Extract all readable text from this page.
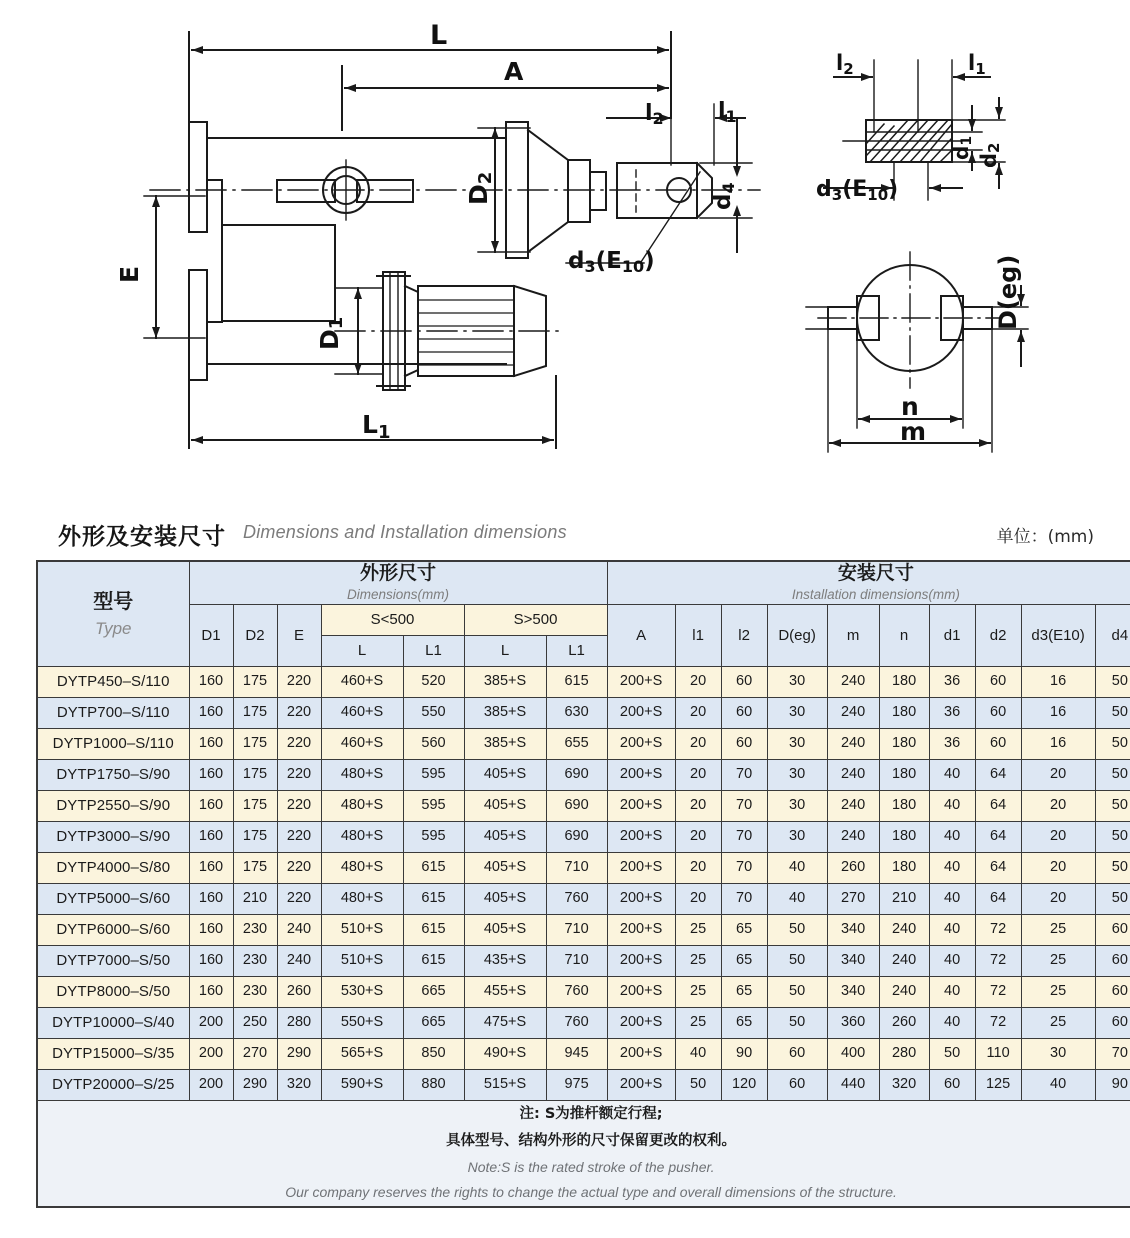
L
A
$L_1$
D1
D2
E
l2 l1
d4
d3(E10)
l2	l1
d1
d2
d3(E10)
D(eg)
n
m
外形及安装尺寸 Dimensions and Installation dimensions	单位：(mm)
型号
Type	外形尺寸
Dimensions(mm)							安装尺寸
Installation dimensions(mm)									

	D1	D2	E	S<500		S>500		A	l1	l2	D(eg)	m	n	d1	d2	d3(E10)	d4
				L	L1	L	L1										
DYTP450–S/110	160	175	220	460+S	520	385+S	615	200+S	20	60	30	240	180	36	60	16	50
DYTP700–S/110	160	175	220	460+S	550	385+S	630	200+S	20	60	30	240	180	36	60	16	50
DYTP1000–S/110	160	175	220	460+S	560	385+S	655	200+S	20	60	30	240	180	36	60	16	50
DYTP1750–S/90	160	175	220	480+S	595	405+S	690	200+S	20	70	30	240	180	40	64	20	50
DYTP2550–S/90	160	175	220	480+S	595	405+S	690	200+S	20	70	30	240	180	40	64	20	50
DYTP3000–S/90	160	175	220	480+S	595	405+S	690	200+S	20	70	30	240	180	40	64	20	50
DYTP4000–S/80	160	175	220	480+S	615	405+S	710	200+S	20	70	40	260	180	40	64	20	50
DYTP5000–S/60	160	210	220	480+S	615	405+S	760	200+S	20	70	40	270	210	40	64	20	50
DYTP6000–S/60	160	230	240	510+S	615	405+S	710	200+S	25	65	50	340	240	40	72	25	60
DYTP7000–S/50	160	230	240	510+S	615	435+S	710	200+S	25	65	50	340	240	40	72	25	60
DYTP8000–S/50	160	230	260	530+S	665	455+S	760	200+S	25	65	50	340	240	40	72	25	60
DYTP10000–S/40	200	250	280	550+S	665	475+S	760	200+S	25	65	50	360	260	40	72	25	60
DYTP15000–S/35	200	270	290	565+S	850	490+S	945	200+S	40	90	60	400	280	50	110	30	70
DYTP20000–S/25	200	290	320	590+S	880	515+S	975	200+S	50	120	60	440	320	60	125	40	90

注: S为推杆额定行程;
具体型号、结构外形的尺寸保留更改的权利。
Note:S is the rated stroke of the pusher.
Our company reserves the rights to change the actual type and overall dimensions of the structure.																	
